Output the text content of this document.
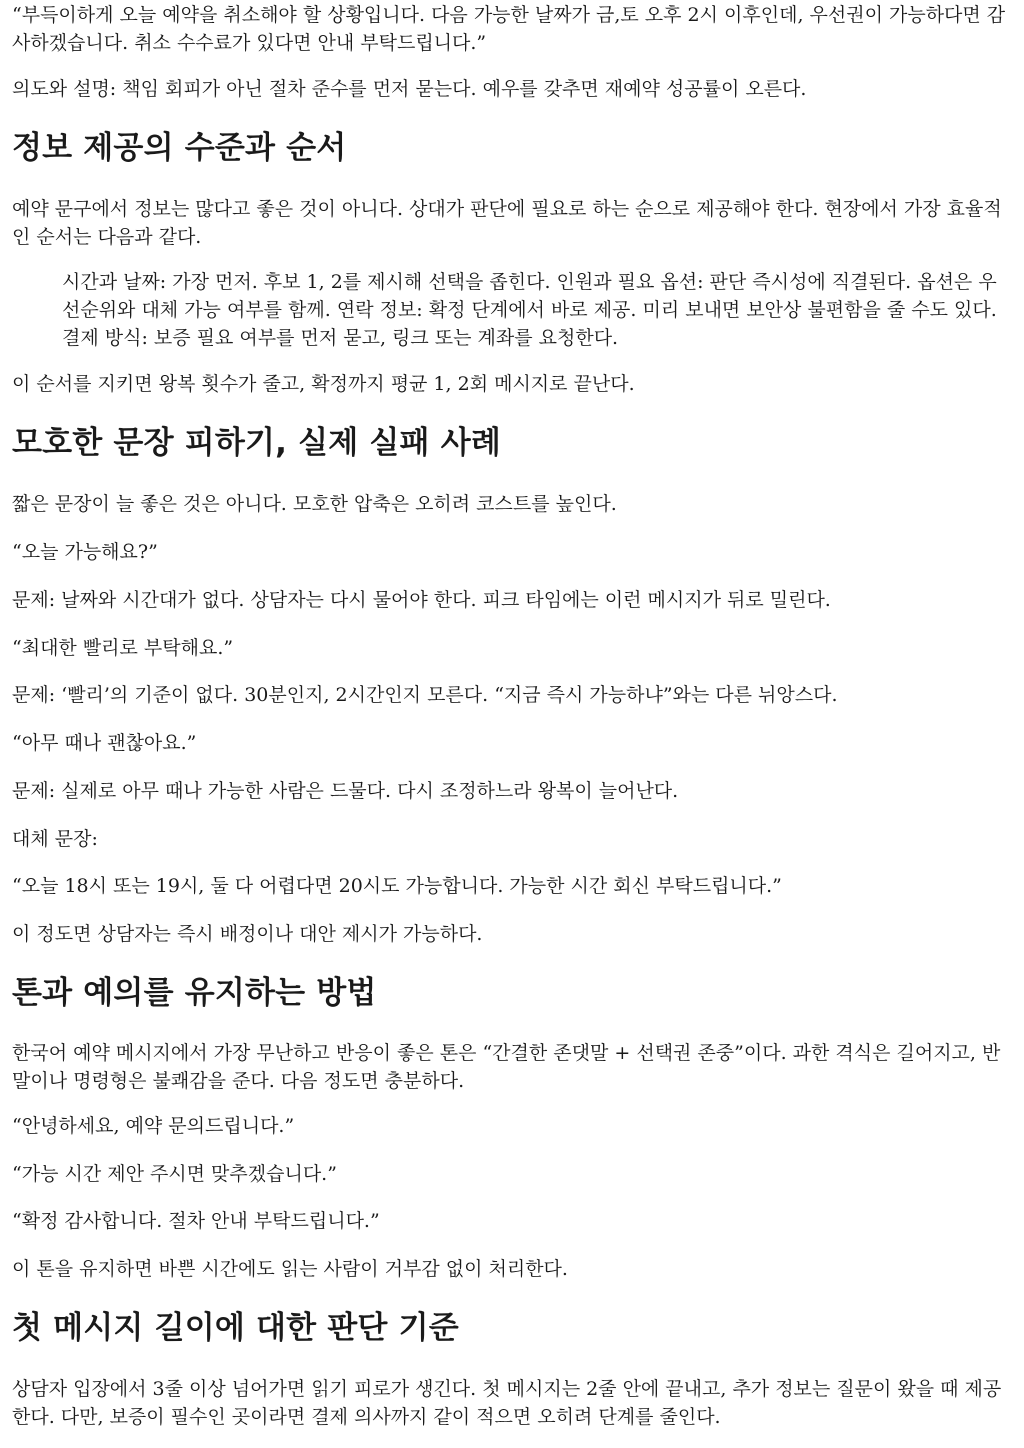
“부득이하게 오늘 예약을 취소해야 할 상황입니다. 다음 가능한 날짜가 금,토 오후 2시 이후인데, 우선권이 가능하다면 감사하겠습니다. 취소 수수료가 있다면 안내 부탁드립니다.”

의도와 설명: 책임 회피가 아닌 절차 준수를 먼저 묻는다. 예우를 갖추면 재예약 성공률이 오른다.

정보 제공의 수준과 순서

예약 문구에서 정보는 많다고 좋은 것이 아니다. 상대가 판단에 필요로 하는 순으로 제공해야 한다. 현장에서 가장 효율적인 순서는 다음과 같다.

시간과 날짜: 가장 먼저. 후보 1, 2를 제시해 선택을 좁힌다. 인원과 필요 옵션: 판단 즉시성에 직결된다. 옵션은 우선순위와 대체 가능 여부를 함께. 연락 정보: 확정 단계에서 바로 제공. 미리 보내면 보안상 불편함을 줄 수도 있다. 결제 방식: 보증 필요 여부를 먼저 묻고, 링크 또는 계좌를 요청한다.

이 순서를 지키면 왕복 횟수가 줄고, 확정까지 평균 1, 2회 메시지로 끝난다.

모호한 문장 피하기, 실제 실패 사례

짧은 문장이 늘 좋은 것은 아니다. 모호한 압축은 오히려 코스트를 높인다.

“오늘 가능해요?”

문제: 날짜와 시간대가 없다. 상담자는 다시 물어야 한다. 피크 타임에는 이런 메시지가 뒤로 밀린다.

“최대한 빨리로 부탁해요.”

문제: ‘빨리’의 기준이 없다. 30분인지, 2시간인지 모른다. “지금 즉시 가능하냐”와는 다른 뉘앙스다.

“아무 때나 괜찮아요.”

문제: 실제로 아무 때나 가능한 사람은 드물다. 다시 조정하느라 왕복이 늘어난다.

대체 문장:

“오늘 18시 또는 19시, 둘 다 어렵다면 20시도 가능합니다. 가능한 시간 회신 부탁드립니다.”

이 정도면 상담자는 즉시 배정이나 대안 제시가 가능하다.

톤과 예의를 유지하는 방법

한국어 예약 메시지에서 가장 무난하고 반응이 좋은 톤은 “간결한 존댓말 + 선택권 존중”이다. 과한 격식은 길어지고, 반말이나 명령형은 불쾌감을 준다. 다음 정도면 충분하다.

“안녕하세요, 예약 문의드립니다.”

“가능 시간 제안 주시면 맞추겠습니다.”

“확정 감사합니다. 절차 안내 부탁드립니다.”

이 톤을 유지하면 바쁜 시간에도 읽는 사람이 거부감 없이 처리한다.

첫 메시지 길이에 대한 판단 기준

상담자 입장에서 3줄 이상 넘어가면 읽기 피로가 생긴다. 첫 메시지는 2줄 안에 끝내고, 추가 정보는 질문이 왔을 때 제공한다. 다만, 보증이 필수인 곳이라면 결제 의사까지 같이 적으면 오히려 단계를 줄인다.
